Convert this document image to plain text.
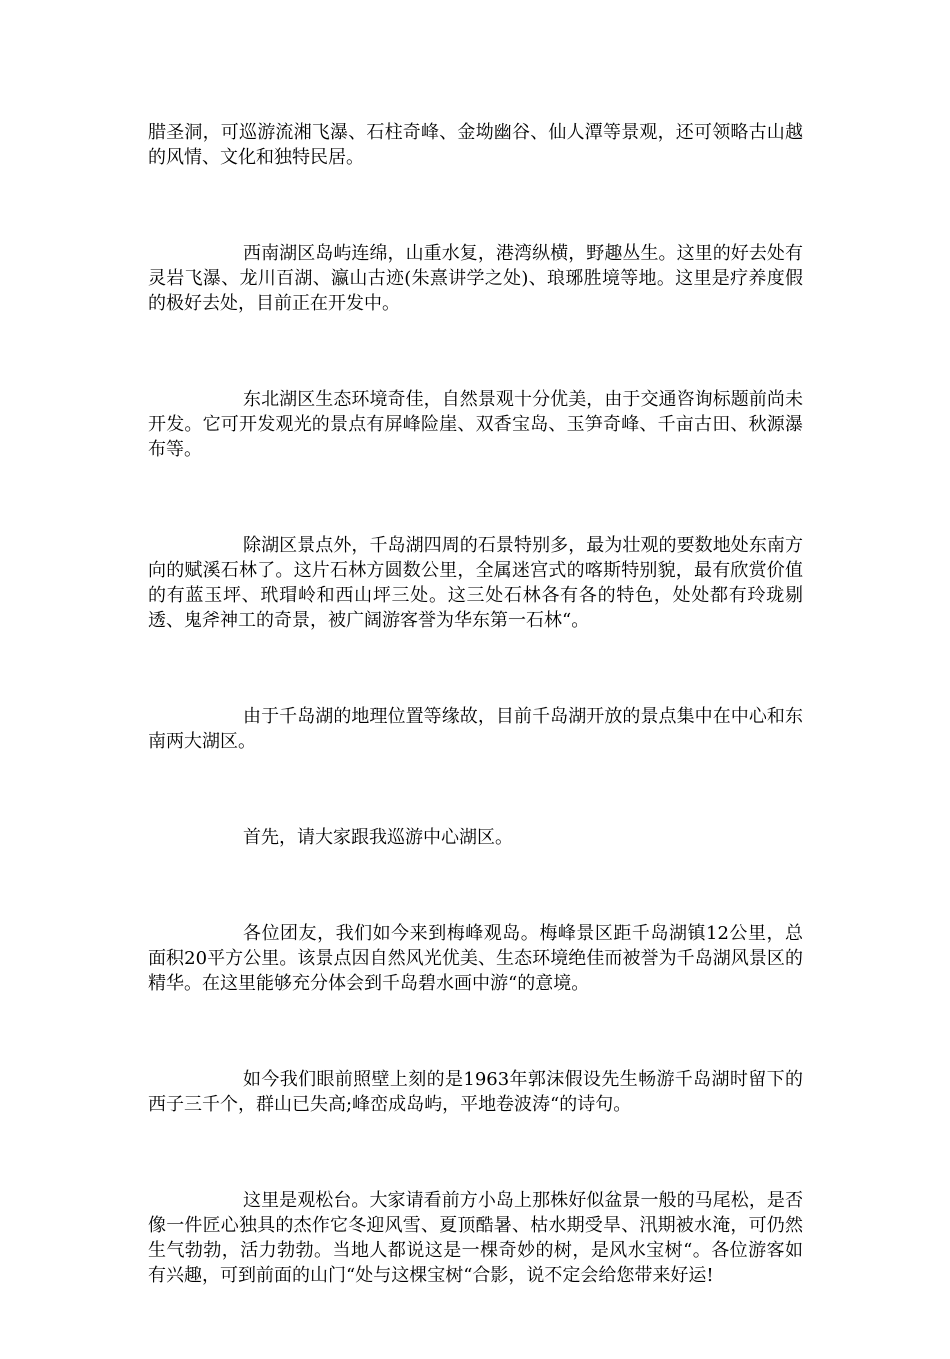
腊圣洞，可巡游流湘飞瀑、石柱奇峰、金坳幽谷、仙人潭等景观，还可领略古山越的风情、文化和独特民居。

西南湖区岛屿连绵，山重水复，港湾纵横，野趣丛生。这里的好去处有灵岩飞瀑、龙川百湖、瀛山古迹(朱熹讲学之处)、琅琊胜境等地。这里是疗养度假的极好去处，目前正在开发中。

东北湖区生态环境奇佳，自然景观十分优美，由于交通咨询标题前尚未开发。它可开发观光的景点有屏峰险崖、双香宝岛、玉笋奇峰、千亩古田、秋源瀑布等。

除湖区景点外，千岛湖四周的石景特别多，最为壮观的要数地处东南方向的赋溪石林了。这片石林方圆数公里，全属迷宫式的喀斯特别貌，最有欣赏价值的有蓝玉坪、玳瑁岭和西山坪三处。这三处石林各有各的特色，处处都有玲珑剔透、鬼斧神工的奇景，被广阔游客誉为华东第一石林“。

由于千岛湖的地理位置等缘故，目前千岛湖开放的景点集中在中心和东南两大湖区。

首先，请大家跟我巡游中心湖区。

各位团友，我们如今来到梅峰观岛。梅峰景区距千岛湖镇12公里，总面积20平方公里。该景点因自然风光优美、生态环境绝佳而被誉为千岛湖风景区的精华。在这里能够充分体会到千岛碧水画中游“的意境。

如今我们眼前照壁上刻的是1963年郭沫假设先生畅游千岛湖时留下的西子三千个，群山已失高;峰峦成岛屿，平地卷波涛“的诗句。

这里是观松台。大家请看前方小岛上那株好似盆景一般的马尾松，是否像一件匠心独具的杰作它冬迎风雪、夏顶酷暑、枯水期受旱、汛期被水淹，可仍然生气勃勃，活力勃勃。当地人都说这是一棵奇妙的树，是风水宝树“。各位游客如有兴趣，可到前面的山门“处与这棵宝树“合影，说不定会给您带来好运!
